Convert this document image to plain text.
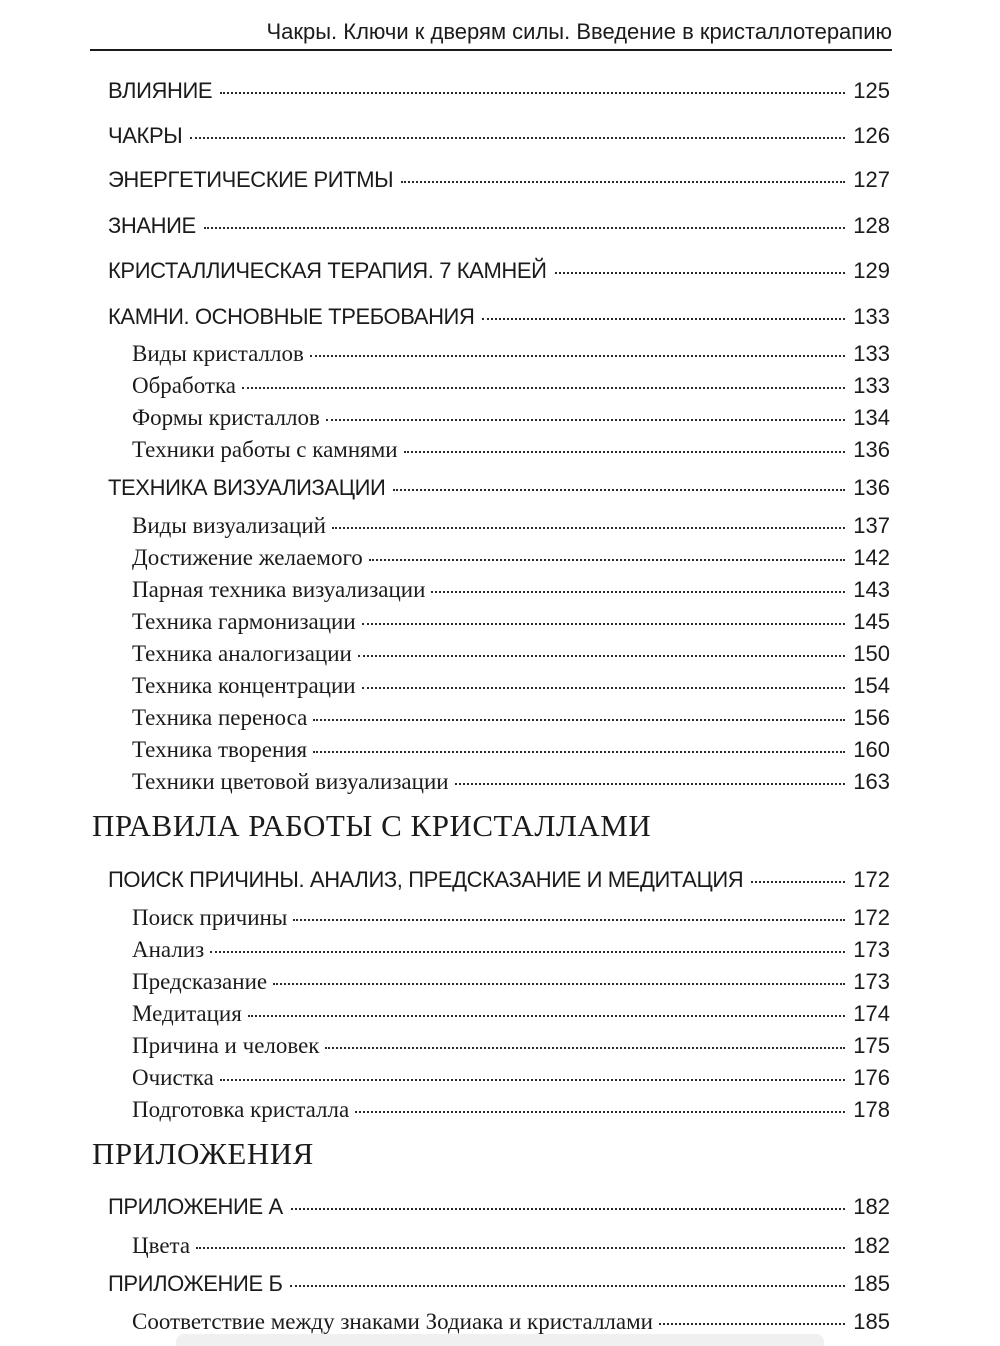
Чакры. Ключи к дверям силы. Введение в кристаллотерапию
ВЛИЯНИЕ	125
ЧАКРЫ	126
ЭНЕРГЕТИЧЕСКИЕ РИТМЫ	127
ЗНАНИЕ	128
КРИСТАЛЛИЧЕСКАЯ ТЕРАПИЯ. 7 КАМНЕЙ	129
КАМНИ. ОСНОВНЫЕ ТРЕБОВАНИЯ	133
Виды кристаллов	133
Обработка	133
Формы кристаллов	134
Техники работы с камнями	136
ТЕХНИКА ВИЗУАЛИЗАЦИИ	136
Виды визуализаций	137
Достижение желаемого	142
Парная техника визуализации	143
Техника гармонизации	145
Техника аналогизации	150
Техника концентрации	154
Техника переноса	156
Техника творения	160
Техники цветовой визуализации	163
ПРАВИЛА РАБОТЫ С КРИСТАЛЛАМИ
ПОИСК ПРИЧИНЫ. АНАЛИЗ, ПРЕДСКАЗАНИЕ И МЕДИТАЦИЯ	172
Поиск причины	172
Анализ	173
Предсказание	173
Медитация	174
Причина и человек	175
Очистка	176
Подготовка кристалла	178
ПРИЛОЖЕНИЯ
ПРИЛОЖЕНИЕ А	182
Цвета	182
ПРИЛОЖЕНИЕ Б	185
Соответствие между знаками Зодиака и кристаллами	185
